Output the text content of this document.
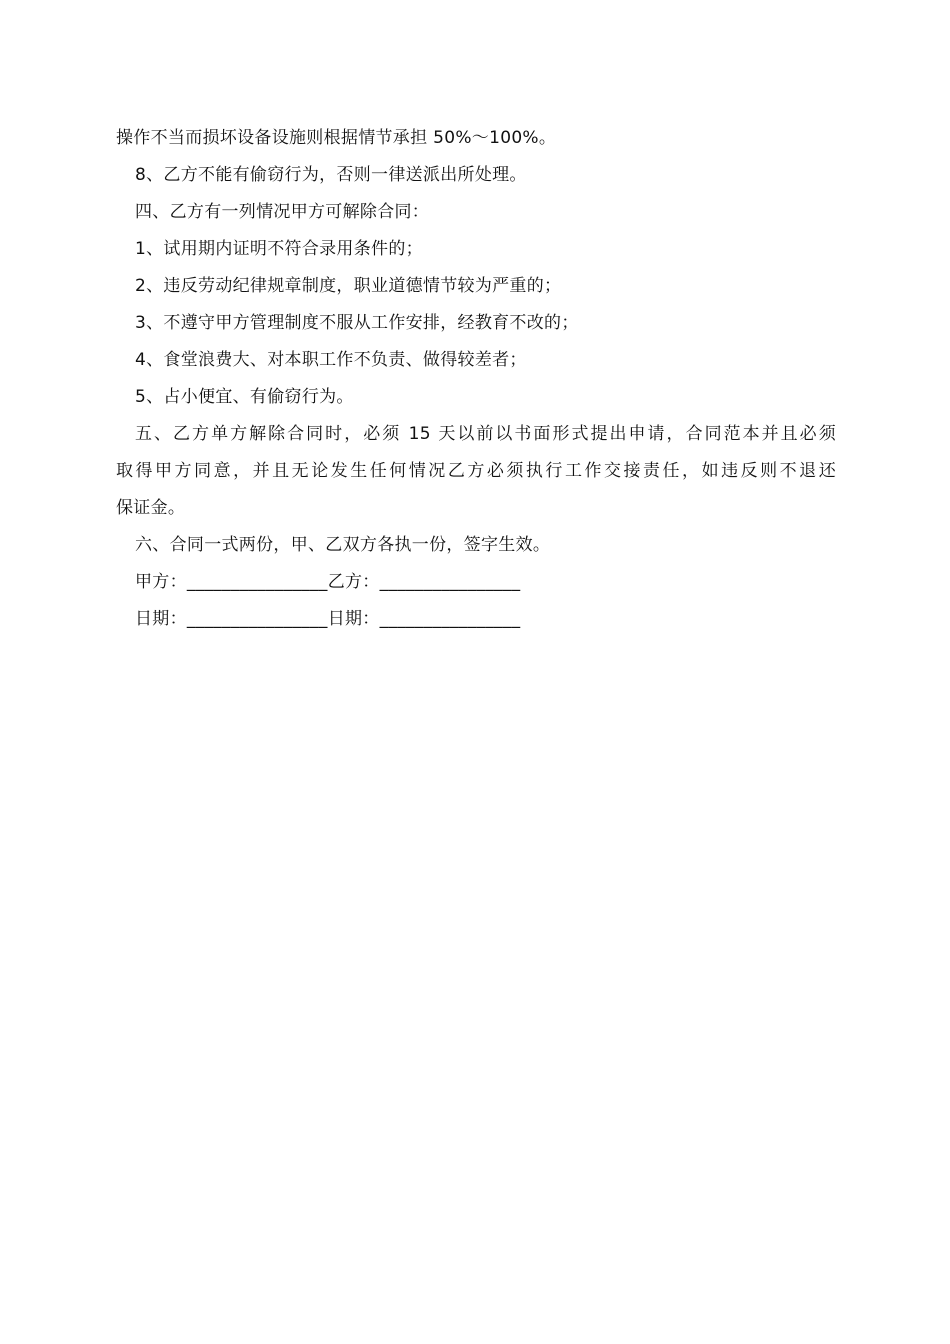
操作不当而损坏设备设施则根据情节承担 50%～100%。
8、乙方不能有偷窃行为，否则一律送派出所处理。
四、乙方有一列情况甲方可解除合同：
1、试用期内证明不符合录用条件的；
2、违反劳动纪律规章制度，职业道德情节较为严重的；
3、不遵守甲方管理制度不服从工作安排，经教育不改的；
4、食堂浪费大、对本职工作不负责、做得较差者；
5、占小便宜、有偷窃行为。
五、乙方单方解除合同时，必须 15 天以前以书面形式提出申请，合同范本并且必须
取得甲方同意，并且无论发生任何情况乙方必须执行工作交接责任，如违反则不退还
保证金。
六、合同一式两份，甲、乙双方各执一份，签字生效。
甲方：________________乙方：________________
日期：________________日期：________________
